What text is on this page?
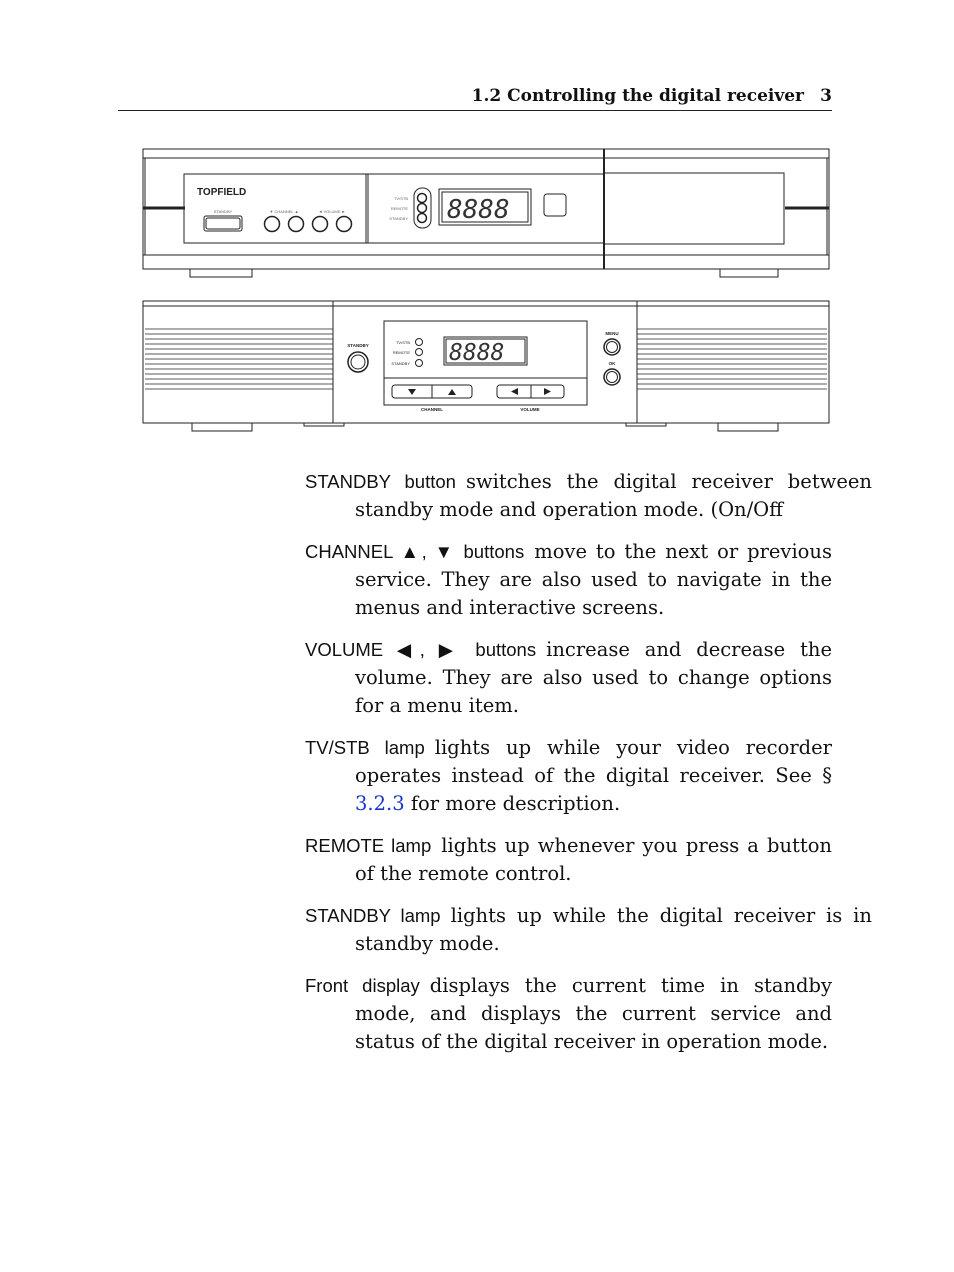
1.2 Controlling the digital receiver 3
8888
8888
TOPFIELD
STANDBY	▼ CHANNEL ▲	◄ VOLUME ►
TV/STB
REMOTE
STANDBY
STANDBY
TV/STB
REMOTE
STANDBY
CHANNEL	VOLUME
MENU
OK
STANDBY button switches the digital receiver between standby mode and operation mode. (On/Off
CHANNEL ▲, ▼ buttons move to the next or previous service. They are also used to navigate in the menus and interactive screens.
VOLUME ◀, ▶ buttons increase and decrease the volume. They are also used to change options for a menu item.
TV/STB lamp lights up while your video recorder operates instead of the digital receiver. See § 3.2.3 for more description.
REMOTE lamp lights up whenever you press a button of the remote control.
STANDBY lamp lights up while the digital receiver is in standby mode.
Front display displays the current time in standby mode, and displays the current service and status of the digital receiver in operation mode.
